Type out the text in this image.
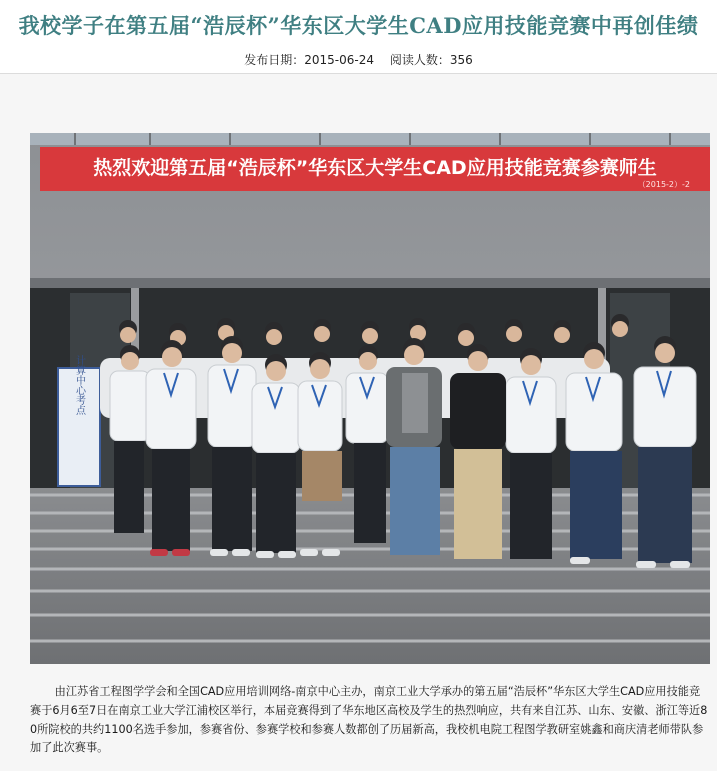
我校学子在第五届“浩辰杯”华东区大学生CAD应用技能竞赛中再创佳绩
发布日期：2015-06-24 阅读人数：356
热烈欢迎第五届“浩辰杯”华东区大学生CAD应用技能竞赛参赛师生
（2015-2）-2
计算中心考点
由江苏省工程图学学会和全国CAD应用培训网络-南京中心主办，南京工业大学承办的第五届“浩辰杯”华东区大学生CAD应用技能竞赛于6月6至7日在南京工业大学江浦校区举行，本届竞赛得到了华东地区高校及学生的热烈响应，共有来自江苏、山东、安徽、浙江等近80所院校的共约1100名选手参加，参赛省份、参赛学校和参赛人数都创了历届新高，我校机电院工程图学教研室姚鑫和商庆清老师带队参加了此次赛事。
